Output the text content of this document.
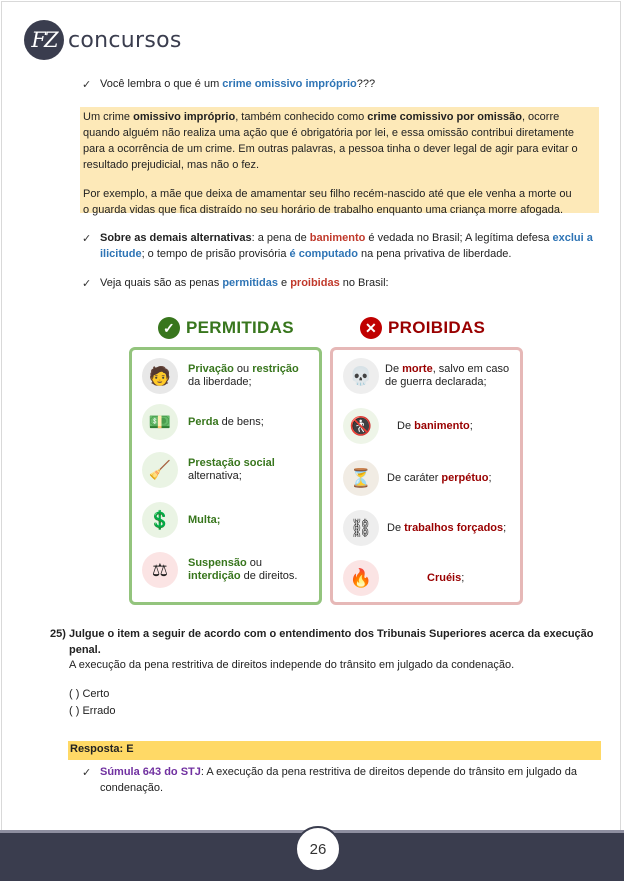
FZ concursos
✓ Você lembra o que é um crime omissivo impróprio???

Um crime omissivo impróprio, também conhecido como crime comissivo por omissão, ocorre

quando alguém não realiza uma ação que é obrigatória por lei, e essa omissão contribui diretamente

para a ocorrência de um crime. Em outras palavras, a pessoa tinha o dever legal de agir para evitar o

resultado prejudicial, mas não o fez.

Por exemplo, a mãe que deixa de amamentar seu filho recém-nascido até que ele venha a morte ou

o guarda vidas que fica distraído no seu horário de trabalho enquanto uma criança morre afogada.

✓ Sobre as demais alternativas: a pena de banimento é vedada no Brasil; A legítima defesa exclui a
ilicitude; o tempo de prisão provisória é computado na pena privativa de liberdade.
✓ Veja quais são as penas permitidas e proibidas no Brasil:
✓ PERMITIDAS	✕ PROIBIDAS
🧑	Privação ou restrição
da liberdade;
💵	Perda de bens;
🧹	Prestação social
alternativa;
💲	Multa;
⚖	Suspensão ou
interdição de direitos.
💀	De morte, salvo em caso
de guerra declarada;
🚷	De banimento;
⏳	De caráter perpétuo;
⛓	De trabalhos forçados;
🔥	Cruéis;
25) Julgue o item a seguir de acordo com o entendimento dos Tribunais Superiores acerca da execução
penal.
A execução da pena restritiva de direitos independe do trânsito em julgado da condenação.
( ) Certo
( ) Errado
Resposta: E
✓ Súmula 643 do STJ: A execução da pena restritiva de direitos depende do trânsito em julgado da
condenação.
26
